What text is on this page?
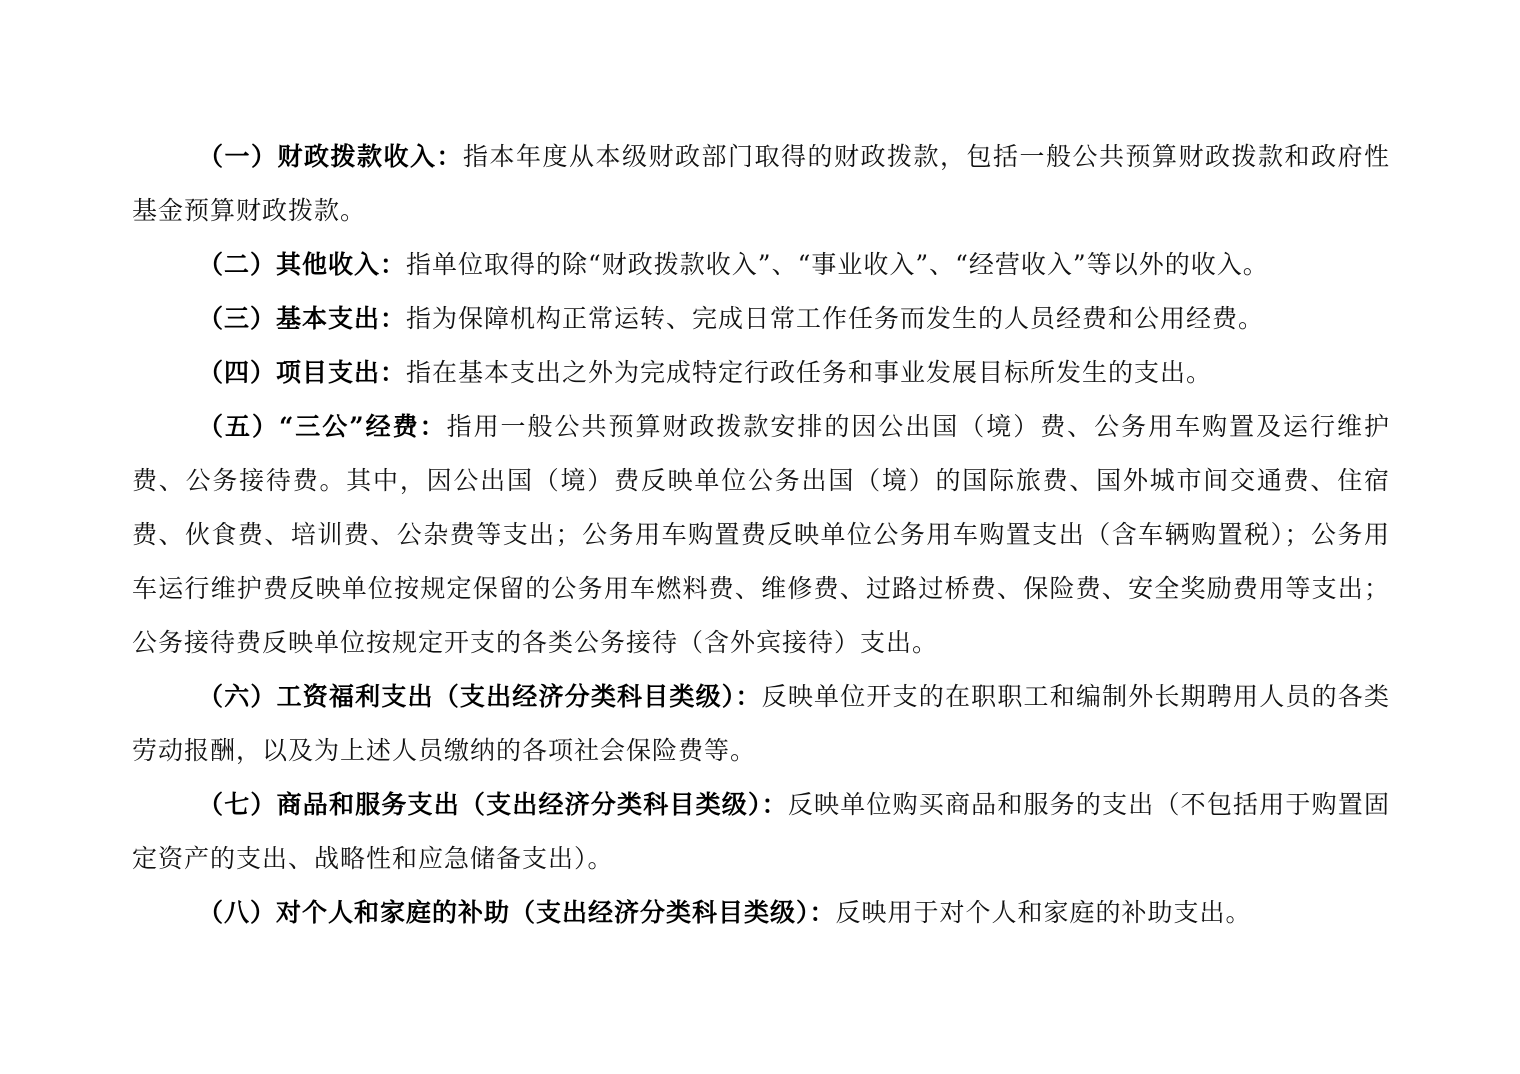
（一）财政拨款收入：指本年度从本级财政部门取得的财政拨款，包括一般公共预算财政拨款和政府性基金预算财政拨款。

（二）其他收入：指单位取得的除“财政拨款收入”、“事业收入”、“经营收入”等以外的收入。

（三）基本支出：指为保障机构正常运转、完成日常工作任务而发生的人员经费和公用经费。

（四）项目支出：指在基本支出之外为完成特定行政任务和事业发展目标所发生的支出。

（五）“三公”经费：指用一般公共预算财政拨款安排的因公出国（境）费、公务用车购置及运行维护费、公务接待费。其中，因公出国（境）费反映单位公务出国（境）的国际旅费、国外城市间交通费、住宿费、伙食费、培训费、公杂费等支出；公务用车购置费反映单位公务用车购置支出（含车辆购置税）；公务用车运行维护费反映单位按规定保留的公务用车燃料费、维修费、过路过桥费、保险费、安全奖励费用等支出；公务接待费反映单位按规定开支的各类公务接待（含外宾接待）支出。

（六）工资福利支出（支出经济分类科目类级）：反映单位开支的在职职工和编制外长期聘用人员的各类劳动报酬，以及为上述人员缴纳的各项社会保险费等。

（七）商品和服务支出（支出经济分类科目类级）：反映单位购买商品和服务的支出（不包括用于购置固定资产的支出、战略性和应急储备支出）。

（八）对个人和家庭的补助（支出经济分类科目类级）：反映用于对个人和家庭的补助支出。
